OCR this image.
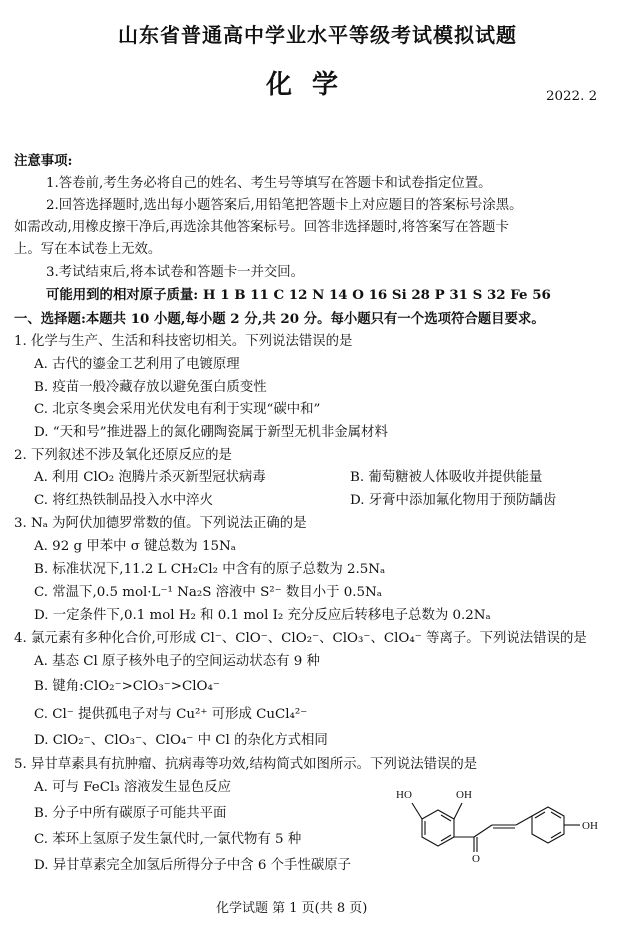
山东省普通高中学业水平等级考试模拟试题
化学	2022. 2
注意事项:
1.答卷前,考生务必将自己的姓名、考生号等填写在答题卡和试卷指定位置。
2.回答选择题时,选出每小题答案后,用铅笔把答题卡上对应题目的答案标号涂黑。
如需改动,用橡皮擦干净后,再选涂其他答案标号。回答非选择题时,将答案写在答题卡
上。写在本试卷上无效。
3.考试结束后,将本试卷和答题卡一并交回。
可能用到的相对原子质量: H 1 B 11 C 12 N 14 O 16 Si 28 P 31 S 32 Fe 56
一、选择题:本题共 10 小题,每小题 2 分,共 20 分。每小题只有一个选项符合题目要求。
1. 化学与生产、生活和科技密切相关。下列说法错误的是
A. 古代的鎏金工艺利用了电镀原理
B. 疫苗一般冷藏存放以避免蛋白质变性
C. 北京冬奥会采用光伏发电有利于实现“碳中和”
D. “天和号”推进器上的氮化硼陶瓷属于新型无机非金属材料
2. 下列叙述不涉及氧化还原反应的是
A. 利用 ClO₂ 泡腾片杀灭新型冠状病毒	B. 葡萄糖被人体吸收并提供能量
C. 将红热铁制品投入水中淬火	D. 牙膏中添加氟化物用于预防龋齿
3. Nₐ 为阿伏加德罗常数的值。下列说法正确的是
A. 92 g 甲苯中 σ 键总数为 15Nₐ
B. 标准状况下,11.2 L CH₂Cl₂ 中含有的原子总数为 2.5Nₐ
C. 常温下,0.5 mol·L⁻¹ Na₂S 溶液中 S²⁻ 数目小于 0.5Nₐ
D. 一定条件下,0.1 mol H₂ 和 0.1 mol I₂ 充分反应后转移电子总数为 0.2Nₐ
4. 氯元素有多种化合价,可形成 Cl⁻、ClO⁻、ClO₂⁻、ClO₃⁻、ClO₄⁻ 等离子。下列说法错误的是
A. 基态 Cl 原子核外电子的空间运动状态有 9 种
B. 键角:ClO₂⁻>ClO₃⁻>ClO₄⁻
C. Cl⁻ 提供孤电子对与 Cu²⁺ 可形成 CuCl₄²⁻
D. ClO₂⁻、ClO₃⁻、ClO₄⁻ 中 Cl 的杂化方式相同
5. 异甘草素具有抗肿瘤、抗病毒等功效,结构简式如图所示。下列说法错误的是
A. 可与 FeCl₃ 溶液发生显色反应
B. 分子中所有碳原子可能共平面
C. 苯环上氢原子发生氯代时,一氯代物有 5 种
D. 异甘草素完全加氢后所得分子中含 6 个手性碳原子
HO	OH
O
OH
化学试题 第 1 页(共 8 页)
